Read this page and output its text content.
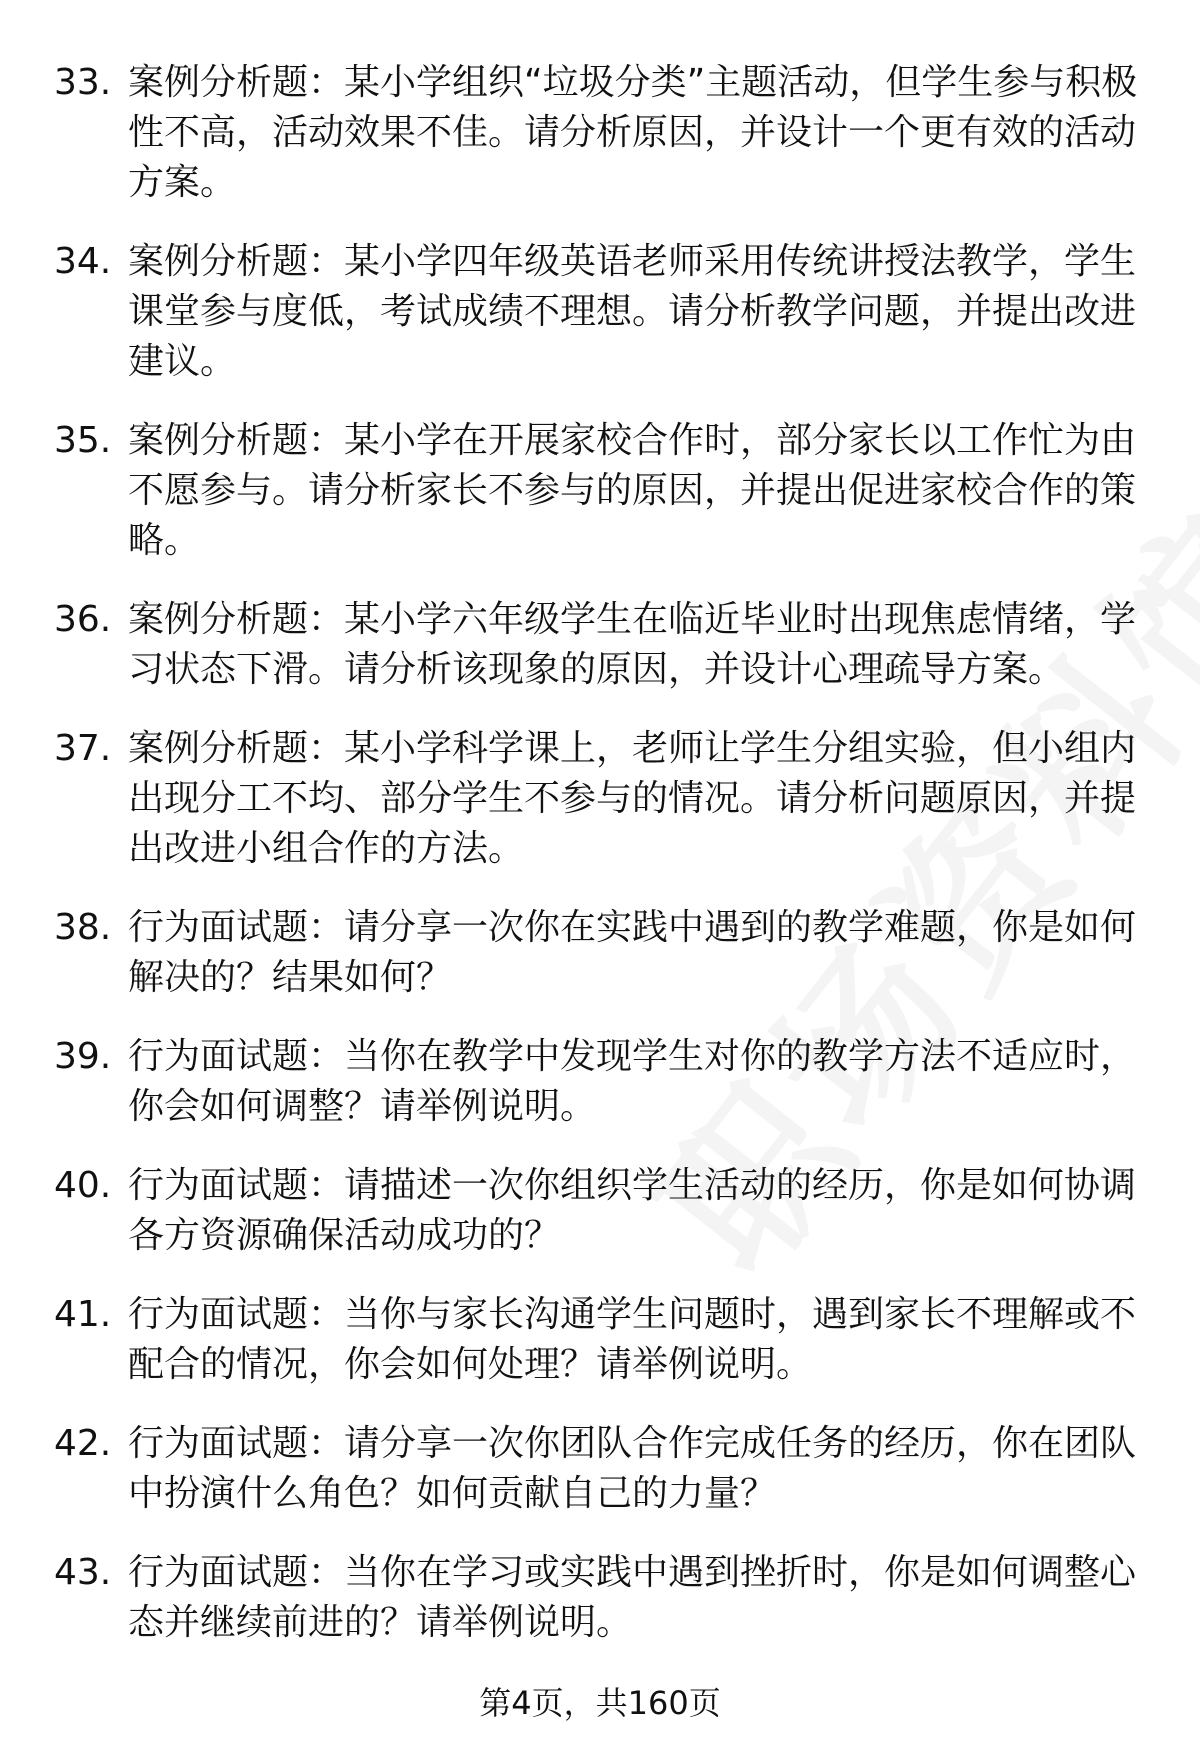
33. 案例分析题：某小学组织“垃圾分类”主题活动，但学生参与积极性不高，活动效果不佳。请分析原因，并设计一个更有效的活动方案。
34. 案例分析题：某小学四年级英语老师采用传统讲授法教学，学生课堂参与度低，考试成绩不理想。请分析教学问题，并提出改进建议。
35. 案例分析题：某小学在开展家校合作时，部分家长以工作忙为由不愿参与。请分析家长不参与的原因，并提出促进家校合作的策略。
36. 案例分析题：某小学六年级学生在临近毕业时出现焦虑情绪，学习状态下滑。请分析该现象的原因，并设计心理疏导方案。
37. 案例分析题：某小学科学课上，老师让学生分组实验，但小组内出现分工不均、部分学生不参与的情况。请分析问题原因，并提出改进小组合作的方法。
38. 行为面试题：请分享一次你在实践中遇到的教学难题，你是如何解决的？结果如何？
39. 行为面试题：当你在教学中发现学生对你的教学方法不适应时，你会如何调整？请举例说明。
40. 行为面试题：请描述一次你组织学生活动的经历，你是如何协调各方资源确保活动成功的？
41. 行为面试题：当你与家长沟通学生问题时，遇到家长不理解或不配合的情况，你会如何处理？请举例说明。
42. 行为面试题：请分享一次你团队合作完成任务的经历，你在团队中扮演什么角色？如何贡献自己的力量？
43. 行为面试题：当你在学习或实践中遇到挫折时，你是如何调整心态并继续前进的？请举例说明。
第4页，共160页
